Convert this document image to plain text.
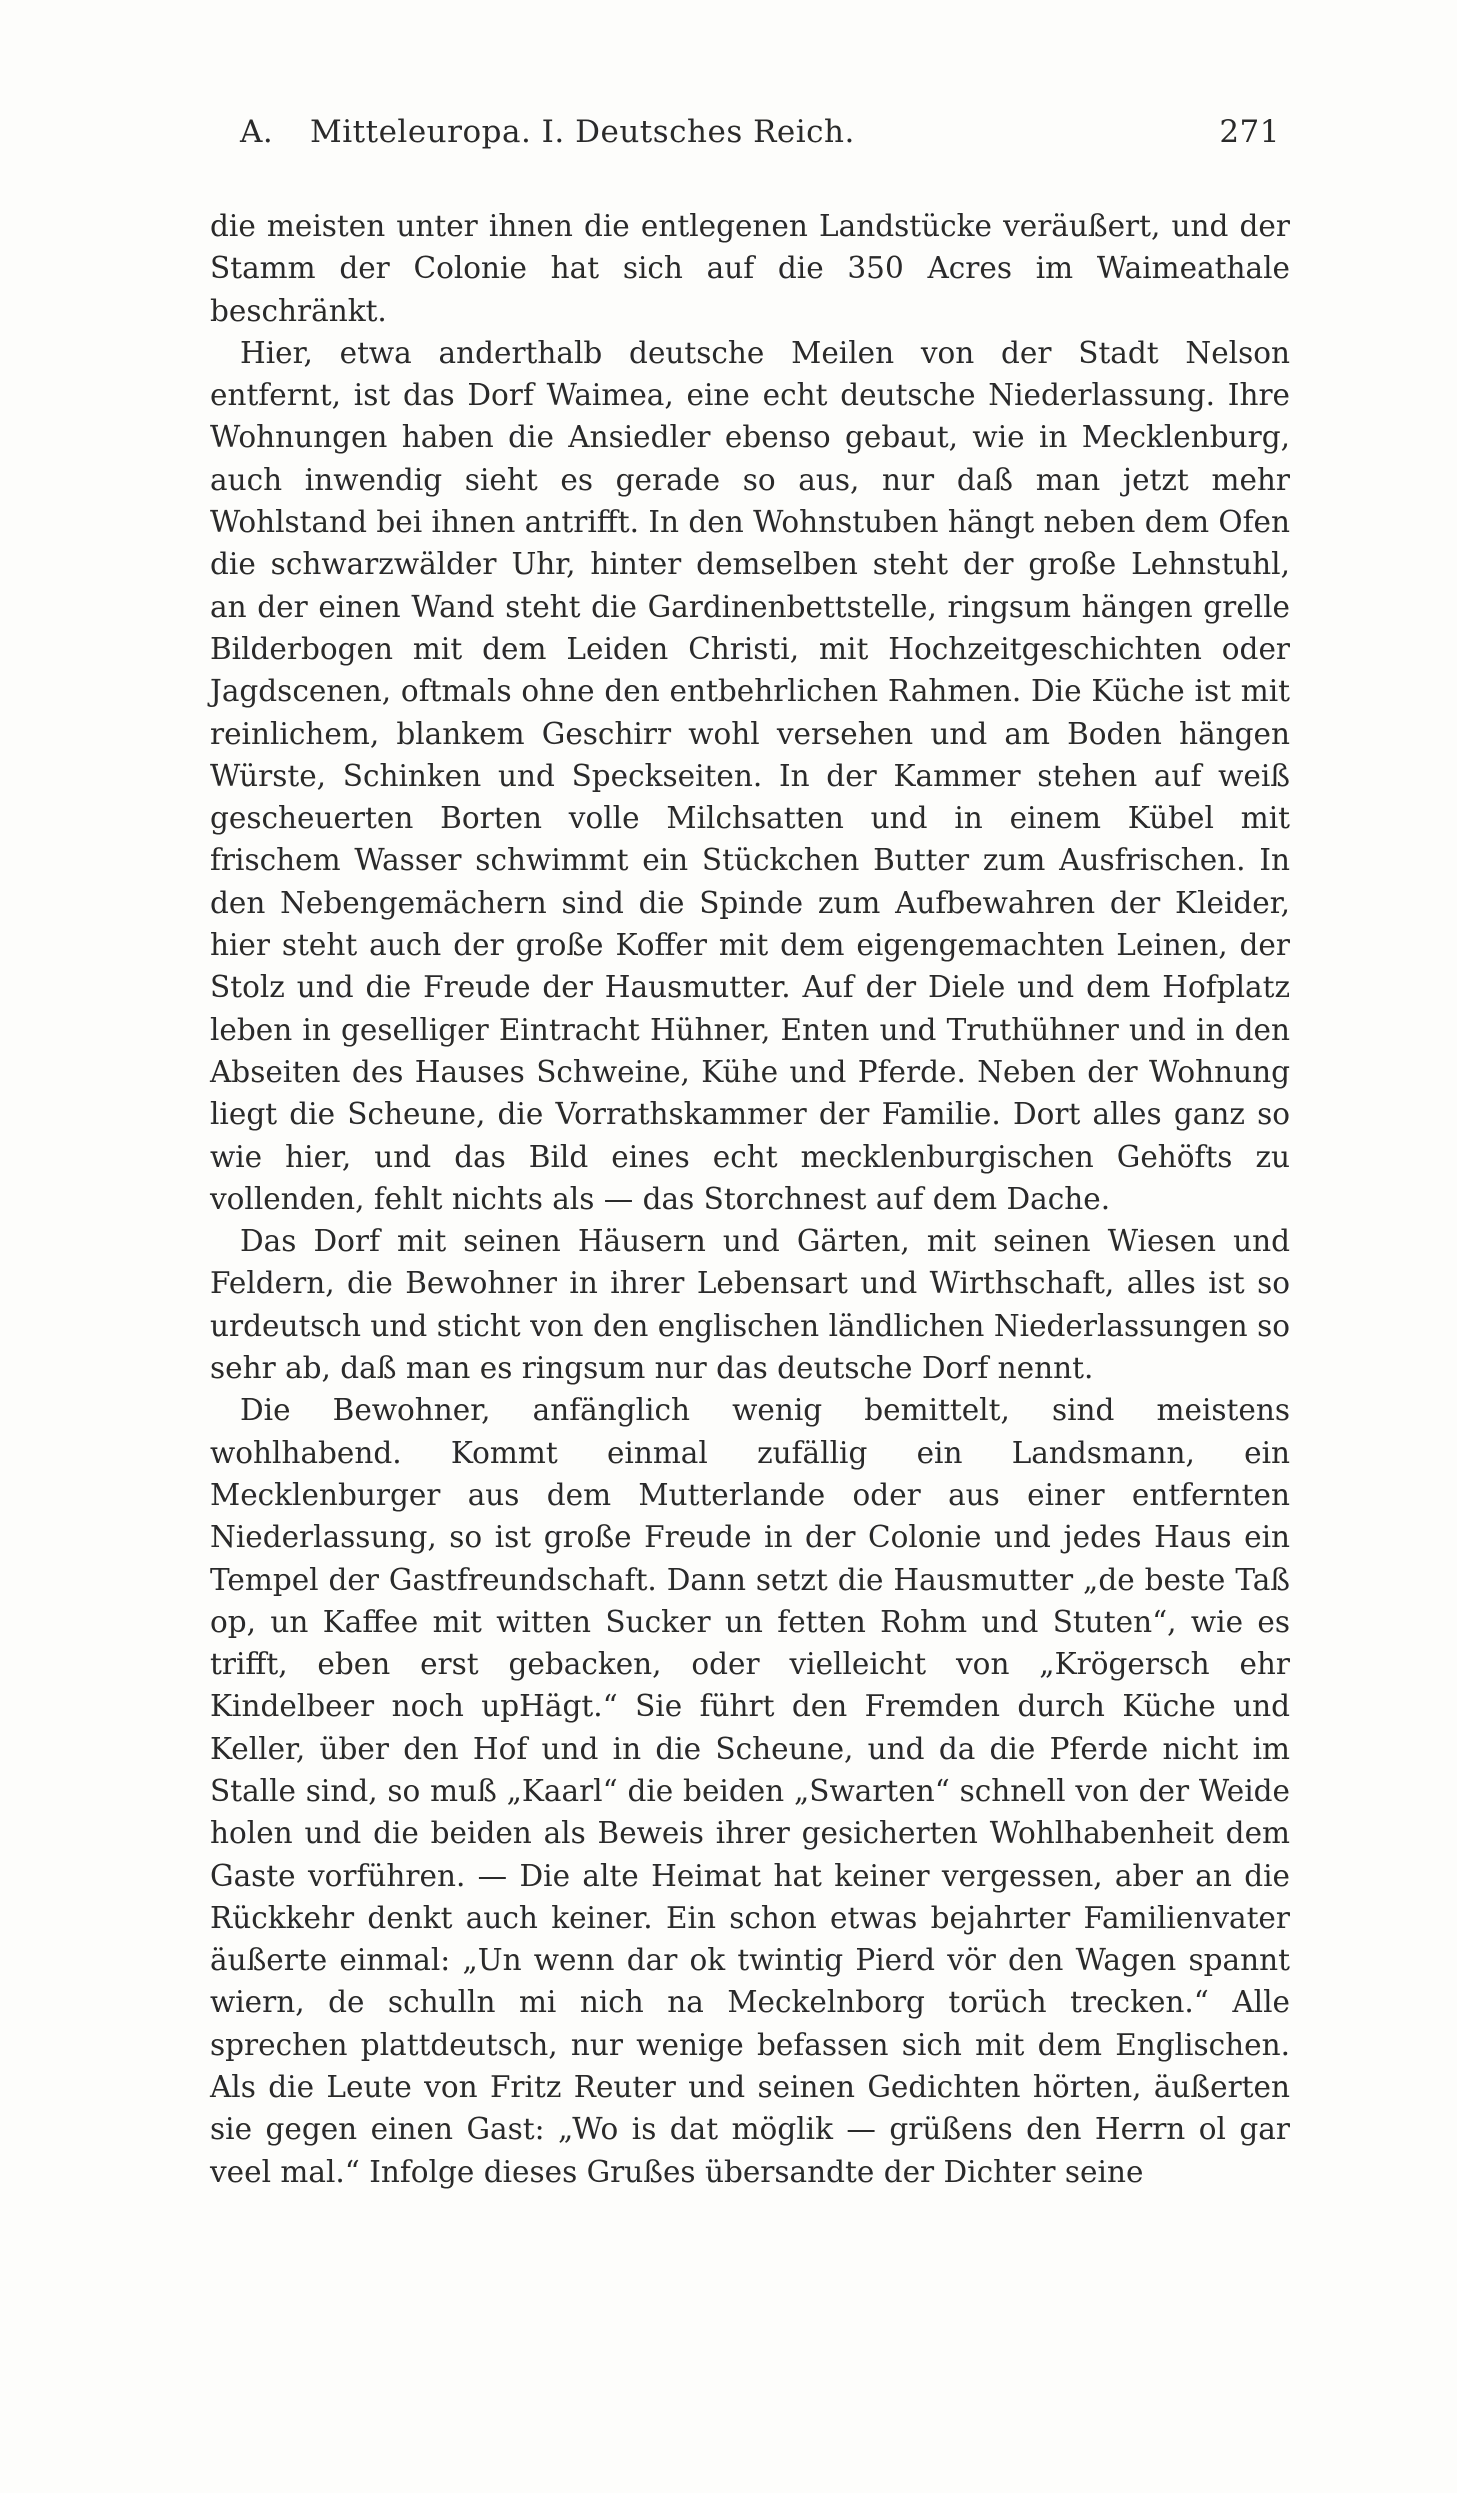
A. Mitteleuropa. I. Deutsches Reich.	271

die meisten unter ihnen die entlegenen Landstücke veräußert, und der Stamm der Colonie hat sich auf die 350 Acres im Waimeathale beschränkt.

Hier, etwa anderthalb deutsche Meilen von der Stadt Nelson entfernt, ist das Dorf Waimea, eine echt deutsche Niederlassung. Ihre Wohnungen haben die Ansiedler ebenso gebaut, wie in Mecklenburg, auch inwendig sieht es gerade so aus, nur daß man jetzt mehr Wohlstand bei ihnen antrifft. In den Wohnstuben hängt neben dem Ofen die schwarzwälder Uhr, hinter demselben steht der große Lehnstuhl, an der einen Wand steht die Gardinenbettstelle, ringsum hängen grelle Bilderbogen mit dem Leiden Christi, mit Hochzeitgeschichten oder Jagdscenen, oftmals ohne den entbehrlichen Rahmen. Die Küche ist mit reinlichem, blankem Geschirr wohl versehen und am Boden hängen Würste, Schinken und Speckseiten. In der Kammer stehen auf weiß gescheuerten Borten volle Milchsatten und in einem Kübel mit frischem Wasser schwimmt ein Stückchen Butter zum Ausfrischen. In den Nebengemächern sind die Spinde zum Aufbewahren der Kleider, hier steht auch der große Koffer mit dem eigengemachten Leinen, der Stolz und die Freude der Hausmutter. Auf der Diele und dem Hofplatz leben in geselliger Eintracht Hühner, Enten und Truthühner und in den Abseiten des Hauses Schweine, Kühe und Pferde. Neben der Wohnung liegt die Scheune, die Vorrathskammer der Familie. Dort alles ganz so wie hier, und das Bild eines echt mecklenburgischen Gehöfts zu vollenden, fehlt nichts als — das Storchnest auf dem Dache.

Das Dorf mit seinen Häusern und Gärten, mit seinen Wiesen und Feldern, die Bewohner in ihrer Lebensart und Wirthschaft, alles ist so urdeutsch und sticht von den englischen ländlichen Niederlassungen so sehr ab, daß man es ringsum nur das deutsche Dorf nennt.

Die Bewohner, anfänglich wenig bemittelt, sind meistens wohlhabend. Kommt einmal zufällig ein Landsmann, ein Mecklenburger aus dem Mutterlande oder aus einer entfernten Niederlassung, so ist große Freude in der Colonie und jedes Haus ein Tempel der Gastfreundschaft. Dann setzt die Hausmutter „de beste Taß op, un Kaffee mit witten Sucker un fetten Rohm und Stuten“, wie es trifft, eben erst gebacken, oder vielleicht von „Krögersch ehr Kindelbeer noch upHägt.“ Sie führt den Fremden durch Küche und Keller, über den Hof und in die Scheune, und da die Pferde nicht im Stalle sind, so muß „Kaarl“ die beiden „Swarten“ schnell von der Weide holen und die beiden als Beweis ihrer gesicherten Wohlhabenheit dem Gaste vorführen. — Die alte Heimat hat keiner vergessen, aber an die Rückkehr denkt auch keiner. Ein schon etwas bejahrter Familienvater äußerte einmal: „Un wenn dar ok twintig Pierd vör den Wagen spannt wiern, de schulln mi nich na Meckelnborg torüch trecken.“ Alle sprechen plattdeutsch, nur wenige befassen sich mit dem Englischen. Als die Leute von Fritz Reuter und seinen Gedichten hörten, äußerten sie gegen einen Gast: „Wo is dat möglik — grüßens den Herrn ol gar veel mal.“ Infolge dieses Grußes übersandte der Dichter seine
